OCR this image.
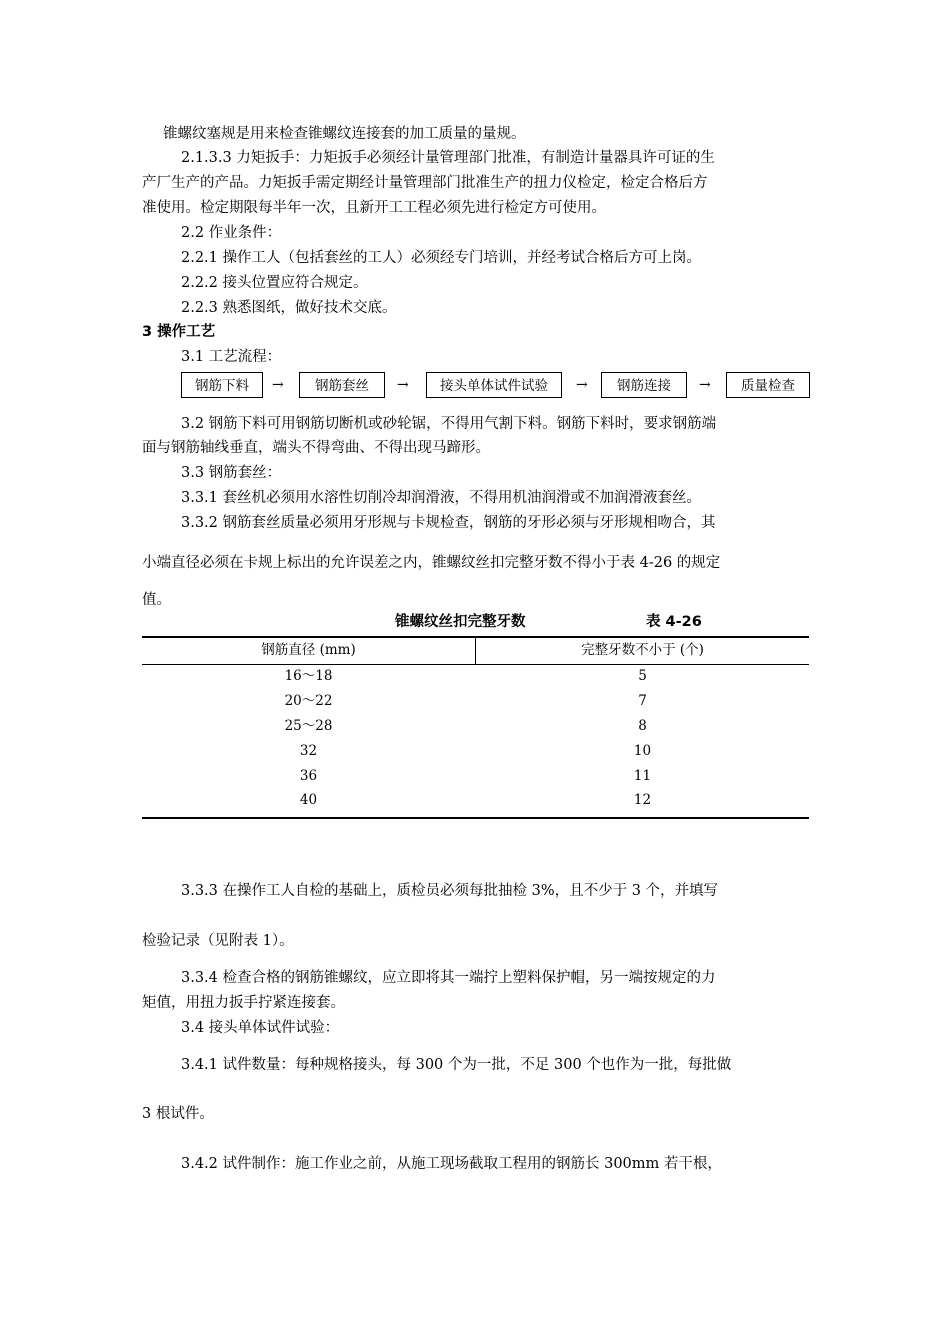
锥螺纹塞规是用来检查锥螺纹连接套的加工质量的量规。
2.1.3.3 力矩扳手：力矩扳手必须经计量管理部门批准，有制造计量器具许可证的生
产厂生产的产品。力矩扳手需定期经计量管理部门批准生产的扭力仪检定，检定合格后方
准使用。检定期限每半年一次，且新开工工程必须先进行检定方可使用。
2.2 作业条件：
2.2.1 操作工人（包括套丝的工人）必须经专门培训，并经考试合格后方可上岗。
2.2.2 接头位置应符合规定。
2.2.3 熟悉图纸，做好技术交底。
3 操作工艺
3.1 工艺流程：
钢筋下料	→	钢筋套丝	→	接头单体试件试验	→	钢筋连接	→	质量检查
3.2 钢筋下料可用钢筋切断机或砂轮锯，不得用气割下料。钢筋下料时，要求钢筋端
面与钢筋轴线垂直，端头不得弯曲、不得出现马蹄形。
3.3 钢筋套丝：
3.3.1 套丝机必须用水溶性切削冷却润滑液，不得用机油润滑或不加润滑液套丝。
3.3.2 钢筋套丝质量必须用牙形规与卡规检查，钢筋的牙形必须与牙形规相吻合，其
小端直径必须在卡规上标出的允许误差之内，锥螺纹丝扣完整牙数不得小于表 4-26 的规定
值。
锥螺纹丝扣完整牙数	表 4-26
钢筋直径 (mm)	完整牙数不小于 (个)
16～18	5
20～22	7
25～28	8
32	10
36	11
40	12
3.3.3 在操作工人自检的基础上，质检员必须每批抽检 3%，且不少于 3 个，并填写
检验记录（见附表 1）。
3.3.4 检查合格的钢筋锥螺纹，应立即将其一端拧上塑料保护帽，另一端按规定的力
矩值，用扭力扳手拧紧连接套。
3.4 接头单体试件试验：
3.4.1 试件数量：每种规格接头，每 300 个为一批，不足 300 个也作为一批，每批做
3 根试件。
3.4.2 试件制作：施工作业之前，从施工现场截取工程用的钢筋长 300mm 若干根，
